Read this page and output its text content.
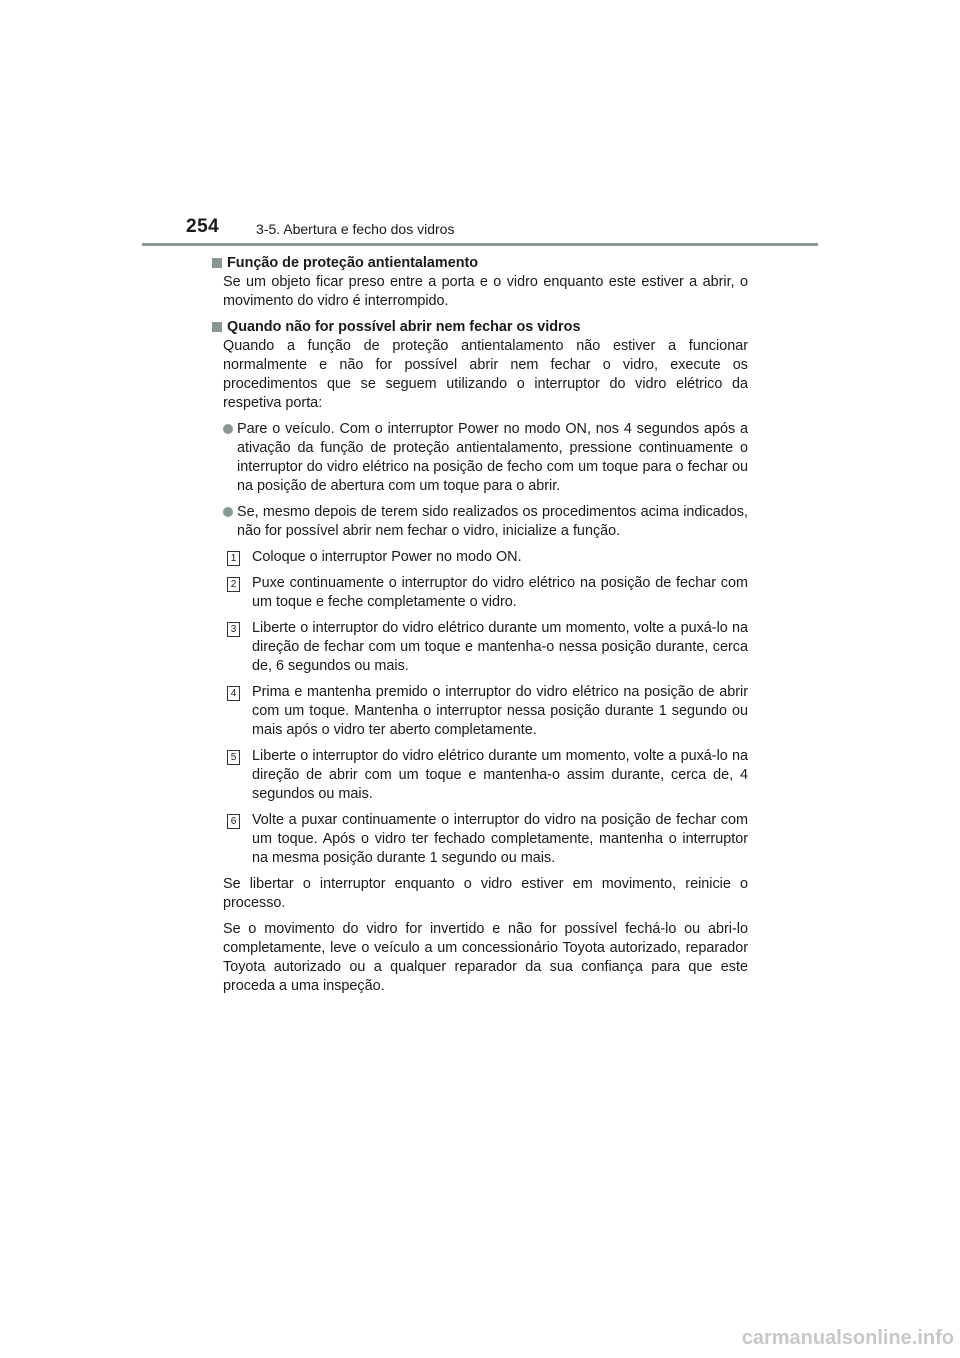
254	3-5. Abertura e fecho dos vidros
Função de proteção antientalamento

Se um objeto ficar preso entre a porta e o vidro enquanto este estiver a abrir, o movimento do vidro é interrompido.

Quando não for possível abrir nem fechar os vidros

Quando a função de proteção antientalamento não estiver a funcionar normalmente e não for possível abrir nem fechar o vidro, execute os procedimentos que se seguem utilizando o interruptor do vidro elétrico da respetiva porta:

Pare o veículo. Com o interruptor Power no modo ON, nos 4 segundos após a ativação da função de proteção antientalamento, pressione continuamente o interruptor do vidro elétrico na posição de fecho com um toque para o fechar ou na posição de abertura com um toque para o abrir.
Se, mesmo depois de terem sido realizados os procedimentos acima indicados, não for possível abrir nem fechar o vidro, inicialize a função.
1 Coloque o interruptor Power no modo ON.
2 Puxe continuamente o interruptor do vidro elétrico na posição de fechar com um toque e feche completamente o vidro.
3 Liberte o interruptor do vidro elétrico durante um momento, volte a puxá-lo na direção de fechar com um toque e mantenha-o nessa posição durante, cerca de, 6 segundos ou mais.
4 Prima e mantenha premido o interruptor do vidro elétrico na posição de abrir com um toque. Mantenha o interruptor nessa posição durante 1 segundo ou mais após o vidro ter aberto completamente.
5 Liberte o interruptor do vidro elétrico durante um momento, volte a puxá-lo na direção de abrir com um toque e mantenha-o assim durante, cerca de, 4 segundos ou mais.
6 Volte a puxar continuamente o interruptor do vidro na posição de fechar com um toque. Após o vidro ter fechado completamente, mantenha o interruptor na mesma posição durante 1 segundo ou mais.

Se libertar o interruptor enquanto o vidro estiver em movimento, reinicie o processo.

Se o movimento do vidro for invertido e não for possível fechá-lo ou abri-lo completamente, leve o veículo a um concessionário Toyota autorizado, reparador Toyota autorizado ou a qualquer reparador da sua confiança para que este proceda a uma inspeção.

carmanualsonline.info
